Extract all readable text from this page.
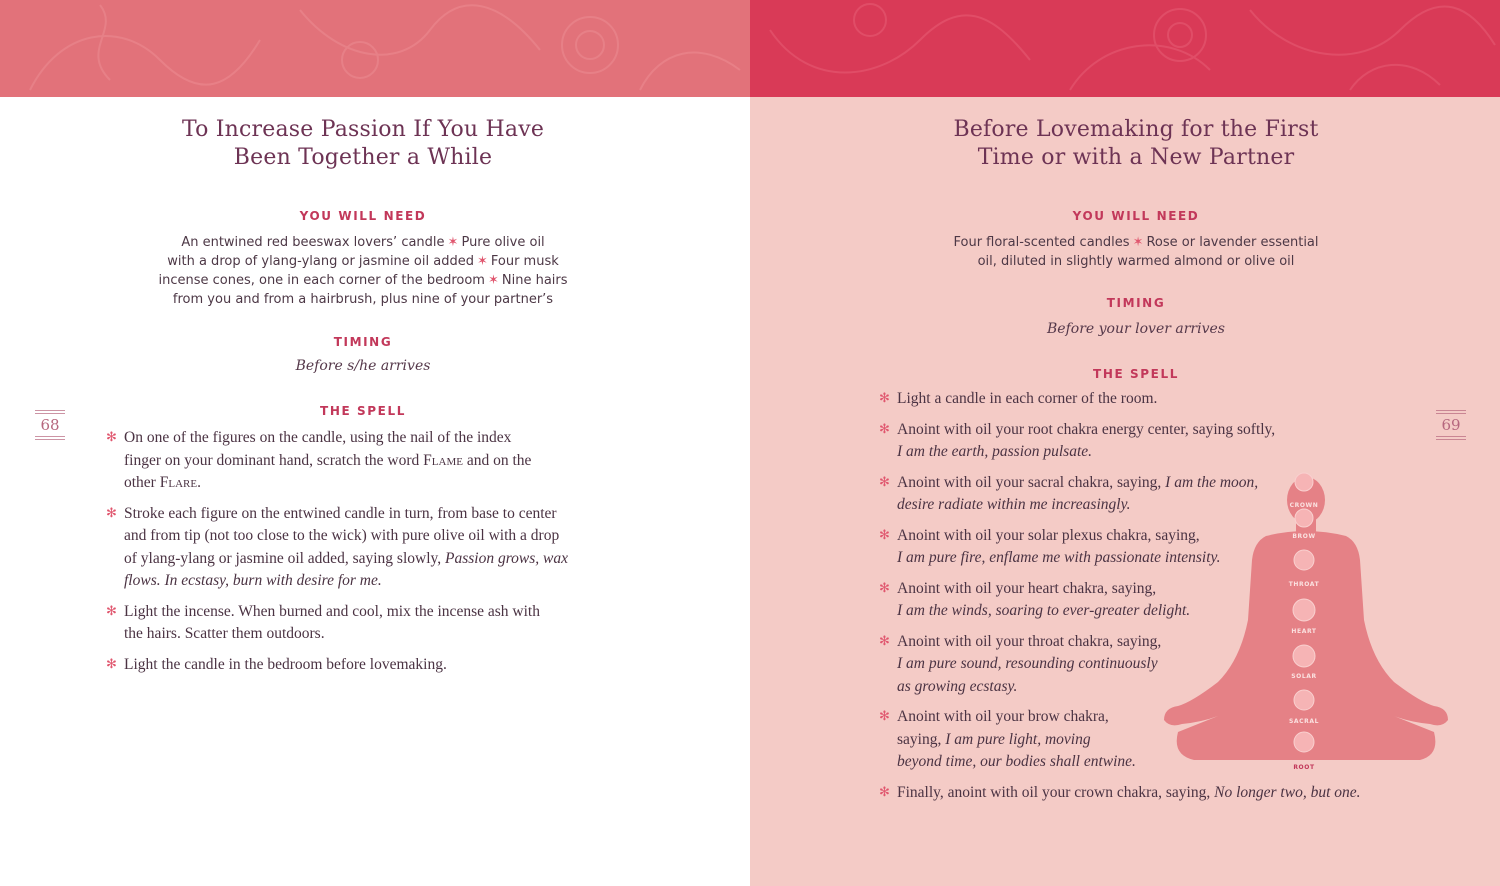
To Increase Passion If You Have
Been Together a While
YOU WILL NEED
An entwined red beeswax lovers’ candle ✶ Pure olive oil
with a drop of ylang-ylang or jasmine oil added ✶ Four musk
incense cones, one in each corner of the bedroom ✶ Nine hairs
from you and from a hairbrush, plus nine of your partner’s
TIMING
Before s/he arrives
THE SPELL
✻ On one of the figures on the candle, using the nail of the index
finger on your dominant hand, scratch the word Flame and on the
other Flare.
✻ Stroke each figure on the entwined candle in turn, from base to center
and from tip (not too close to the wick) with pure olive oil with a drop
of ylang-ylang or jasmine oil added, saying slowly, Passion grows, wax
flows. In ecstasy, burn with desire for me.
✻ Light the incense. When burned and cool, mix the incense ash with
the hairs. Scatter them outdoors.
✻ Light the candle in the bedroom before lovemaking.
68
Before Lovemaking for the First
Time or with a New Partner
YOU WILL NEED
Four floral-scented candles ✶ Rose or lavender essential
oil, diluted in slightly warmed almond or olive oil
TIMING
Before your lover arrives
THE SPELL
CROWN
BROW
THROAT
HEART
SOLAR
SACRAL
ROOT
✻ Light a candle in each corner of the room.
✻ Anoint with oil your root chakra energy center, saying softly,
I am the earth, passion pulsate.
✻ Anoint with oil your sacral chakra, saying, I am the moon,
desire radiate within me increasingly.
✻ Anoint with oil your solar plexus chakra, saying,
I am pure fire, enflame me with passionate intensity.
✻ Anoint with oil your heart chakra, saying,
I am the winds, soaring to ever-greater delight.
✻ Anoint with oil your throat chakra, saying,
I am pure sound, resounding continuously
as growing ecstasy.
✻ Anoint with oil your brow chakra,
saying, I am pure light, moving
beyond time, our bodies shall entwine.
✻ Finally, anoint with oil your crown chakra, saying, No longer two, but one.
69
